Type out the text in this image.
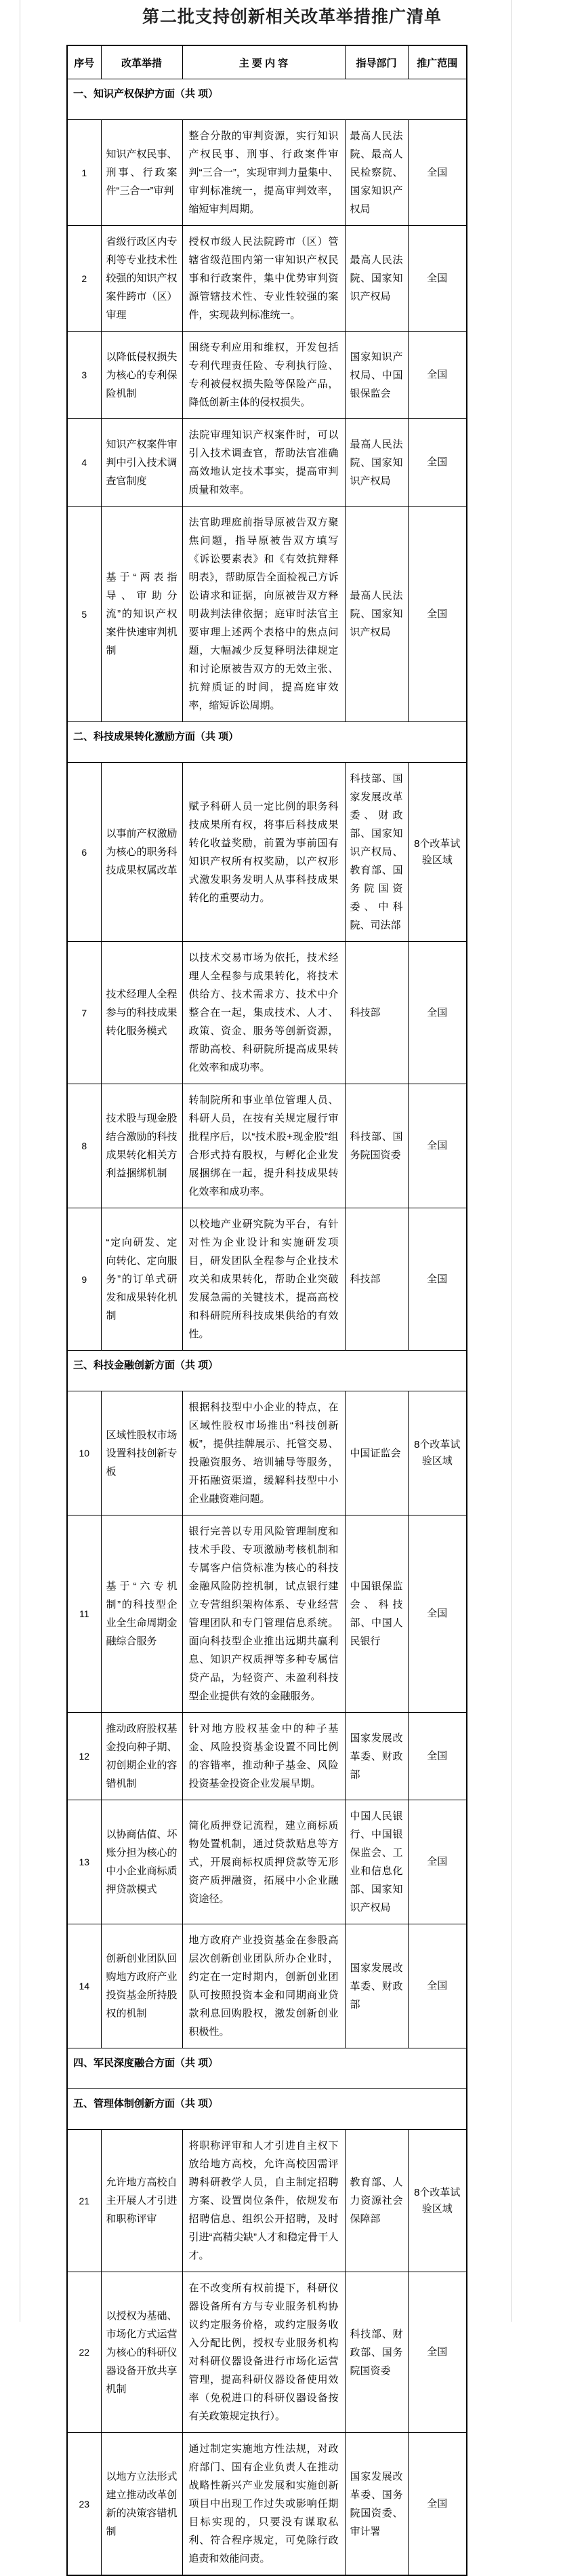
第二批支持创新相关改革举措推广清单
序号	改革举措	主 要 内 容	指导部门	推广范围
一、知识产权保护方面（共 项）				
1	知识产权民事、刑事、行政案件“三合一”审判	整合分散的审判资源，实行知识产权民事、刑事、行政案件审判“三合一”，实现审判力量集中、审判标准统一，提高审判效率，缩短审判周期。	最高人民法院、最高人民检察院、国家知识产权局	全国
2	省级行政区内专利等专业技术性较强的知识产权案件跨市（区）审理	授权市级人民法院跨市（区）管辖省级范围内第一审知识产权民事和行政案件，集中优势审判资源管辖技术性、专业性较强的案件，实现裁判标准统一。	最高人民法院、国家知识产权局	全国
3	以降低侵权损失为核心的专利保险机制	围绕专利应用和维权，开发包括专利代理责任险、专利执行险、专利被侵权损失险等保险产品，降低创新主体的侵权损失。	国家知识产权局、中国银保监会	全国
4	知识产权案件审判中引入技术调查官制度	法院审理知识产权案件时，可以引入技术调查官，帮助法官准确高效地认定技术事实，提高审判质量和效率。	最高人民法院、国家知识产权局	全国
5	基于“两表指导、审助分流”的知识产权案件快速审判机制	法官助理庭前指导原被告双方聚焦问题，指导原被告双方填写《诉讼要素表》和《有效抗辩释明表》，帮助原告全面检视己方诉讼请求和证据，向原被告双方释明裁判法律依据；庭审时法官主要审理上述两个表格中的焦点问题，大幅减少反复释明法律规定和讨论原被告双方的无效主张、抗辩质证的时间，提高庭审效率，缩短诉讼周期。	最高人民法院、国家知识产权局	全国
二、科技成果转化激励方面（共 项）				
6	以事前产权激励为核心的职务科技成果权属改革	赋予科研人员一定比例的职务科技成果所有权，将事后科技成果转化收益奖励，前置为事前国有知识产权所有权奖励，以产权形式激发职务发明人从事科技成果转化的重要动力。	科技部、国家发展改革委、财政部、国家知识产权局、教育部、国务院国资委、中科院、司法部	8个改革试验区域
7	技术经理人全程参与的科技成果转化服务模式	以技术交易市场为依托，技术经理人全程参与成果转化，将技术供给方、技术需求方、技术中介整合在一起，集成技术、人才、政策、资金、服务等创新资源，帮助高校、科研院所提高成果转化效率和成功率。	科技部	全国
8	技术股与现金股结合激励的科技成果转化相关方利益捆绑机制	转制院所和事业单位管理人员、科研人员，在按有关规定履行审批程序后，以“技术股+现金股”组合形式持有股权，与孵化企业发展捆绑在一起，提升科技成果转化效率和成功率。	科技部、国务院国资委	全国
9	“定向研发、定向转化、定向服务”的订单式研发和成果转化机制	以校地产业研究院为平台，有针对性为企业设计和实施研发项目，研发团队全程参与企业技术攻关和成果转化，帮助企业突破发展急需的关键技术，提高高校和科研院所科技成果供给的有效性。	科技部	全国
三、科技金融创新方面（共 项）				
10	区域性股权市场设置科技创新专板	根据科技型中小企业的特点，在区域性股权市场推出“科技创新板”，提供挂牌展示、托管交易、投融资服务、培训辅导等服务，开拓融资渠道，缓解科技型中小企业融资难问题。	中国证监会	8个改革试验区域
11	基于“六专机制”的科技型企业全生命周期金融综合服务	银行完善以专用风险管理制度和技术手段、专项激励考核机制和专属客户信贷标准为核心的科技金融风险防控机制，试点银行建立专营组织架构体系、专业经营管理团队和专门管理信息系统。面向科技型企业推出远期共赢利息、知识产权质押等多种专属信贷产品，为轻资产、未盈利科技型企业提供有效的金融服务。	中国银保监会、科技部、中国人民银行	全国
12	推动政府股权基金投向种子期、初创期企业的容错机制	针对地方股权基金中的种子基金、风险投资基金设置不同比例的容错率，推动种子基金、风险投资基金投资企业发展早期。	国家发展改革委、财政部	全国
13	以协商估值、坏账分担为核心的中小企业商标质押贷款模式	简化质押登记流程，建立商标质物处置机制，通过贷款贴息等方式，开展商标权质押贷款等无形资产质押融资，拓展中小企业融资途径。	中国人民银行、中国银保监会、工业和信息化部、国家知识产权局	全国
14	创新创业团队回购地方政府产业投资基金所持股权的机制	地方政府产业投资基金在参股高层次创新创业团队所办企业时，约定在一定时期内，创新创业团队可按照投资本金和同期商业贷款利息回购股权，激发创新创业积极性。	国家发展改革委、财政部	全国
四、军民深度融合方面（共 项）				
五、管理体制创新方面（共 项）				
21	允许地方高校自主开展人才引进和职称评审	将职称评审和人才引进自主权下放给地方高校，允许高校因需评聘科研教学人员，自主制定招聘方案、设置岗位条件，依规发布招聘信息、组织公开招聘，及时引进“高精尖缺”人才和稳定骨干人才。	教育部、人力资源社会保障部	8个改革试验区域
22	以授权为基础、市场化方式运营为核心的科研仪器设备开放共享机制	在不改变所有权前提下，科研仪器设备所有方与专业服务机构协议约定服务价格，或约定服务收入分配比例，授权专业服务机构对科研仪器设备进行市场化运营管理，提高科研仪器设备使用效率（免税进口的科研仪器设备按有关政策规定执行）。	科技部、财政部、国务院国资委	全国
23	以地方立法形式建立推动改革创新的决策容错机制	通过制定实施地方性法规，对政府部门、国有企业负责人在推动战略性新兴产业发展和实施创新项目中出现工作过失或影响任期目标实现的，只要没有谋取私利、符合程序规定，可免除行政追责和效能问责。	国家发展改革委、国务院国资委、审计署	全国
